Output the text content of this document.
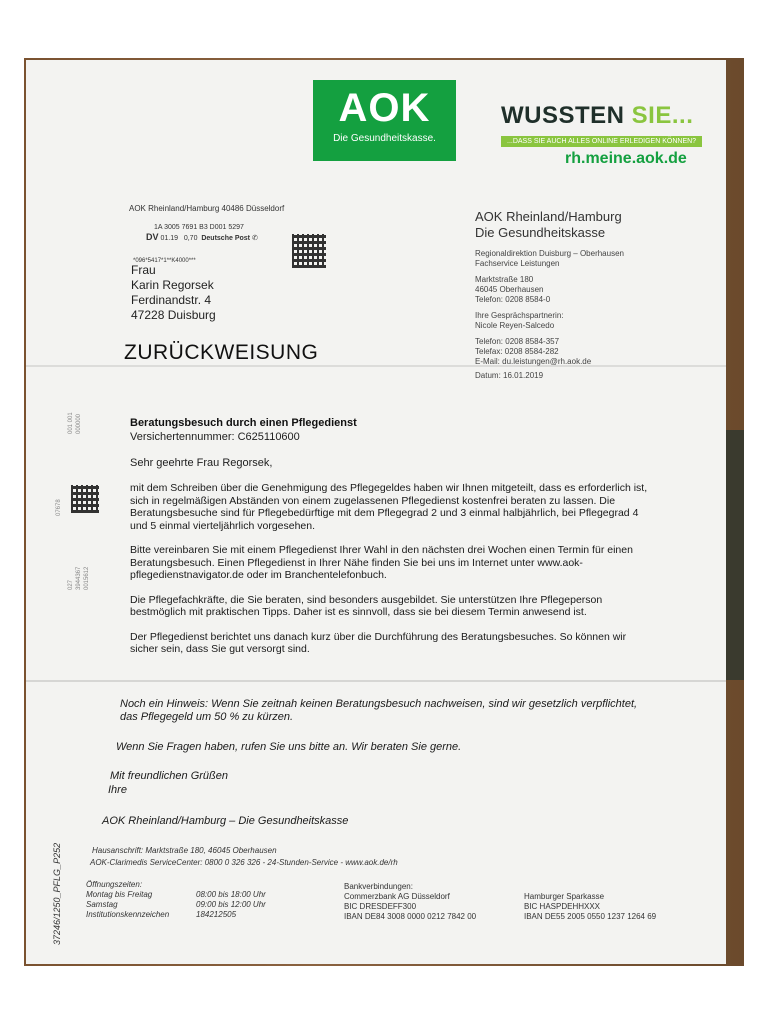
AOK
Die Gesundheitskasse.
WUSSTEN SIE...
...DASS SIE AUCH ALLES ONLINE ERLEDIGEN KÖNNEN?
rh.meine.aok.de
AOK Rheinland/Hamburg 40486 Düsseldorf
1A 3005 7691 B3 D001 5297
DV 01.19 0,70 Deutsche Post ✆
*096*5417*1**K4000***
Frau
Karin Regorsek
Ferdinandstr. 4
47228 Duisburg
ZURÜCKWEISUNG
AOK Rheinland/Hamburg
Die Gesundheitskasse
Regionaldirektion Duisburg – Oberhausen
Fachservice Leistungen
Marktstraße 180
46045 Oberhausen
Telefon: 0208 8584-0
Ihre Gesprächspartnerin:
Nicole Reyen-Salcedo
Telefon: 0208 8584-357
Telefax: 0208 8584-282
E-Mail: du.leistungen@rh.aok.de
Datum: 16.01.2019
001 001 000000
07678
027 3944367 0015612
Beratungsbesuch durch einen Pflegedienst
Versichertennummer: C625110600
Sehr geehrte Frau Regorsek,

mit dem Schreiben über die Genehmigung des Pflegegeldes haben wir Ihnen mitgeteilt, dass es erforderlich ist, sich in regelmäßigen Abständen von einem zugelassenen Pflegedienst kostenfrei beraten zu lassen. Die Beratungsbesuche sind für Pflegebedürftige mit dem Pflegegrad 2 und 3 einmal halbjährlich, bei Pflegegrad 4 und 5 einmal vierteljährlich vorgesehen.

Bitte vereinbaren Sie mit einem Pflegedienst Ihrer Wahl in den nächsten drei Wochen einen Termin für einen Beratungsbesuch. Einen Pflegedienst in Ihrer Nähe finden Sie bei uns im Internet unter www.aok-pflegedienstnavigator.de oder im Branchentelefonbuch.

Die Pflegefachkräfte, die Sie beraten, sind besonders ausgebildet. Sie unterstützen Ihre Pflegeperson bestmöglich mit praktischen Tipps. Daher ist es sinnvoll, dass sie bei diesem Termin anwesend ist.

Der Pflegedienst berichtet uns danach kurz über die Durchführung des Beratungsbesuches. So können wir sicher sein, dass Sie gut versorgt sind.

Noch ein Hinweis: Wenn Sie zeitnah keinen Beratungsbesuch nachweisen, sind wir gesetzlich verpflichtet, das Pflegegeld um 50 % zu kürzen.
Wenn Sie Fragen haben, rufen Sie uns bitte an. Wir beraten Sie gerne.
Mit freundlichen Grüßen
Ihre
AOK Rheinland/Hamburg – Die Gesundheitskasse
Hausanschrift: Marktstraße 180, 46045 Oberhausen
AOK-Clarimedis ServiceCenter: 0800 0 326 326 - 24-Stunden-Service - www.aok.de/rh
Öffnungszeiten:
Montag bis Freitag	08:00 bis 18:00 Uhr
Samstag	09:00 bis 12:00 Uhr
Institutionskennzeichen	184212505
Bankverbindungen:
Commerzbank AG Düsseldorf
BIC DRESDEFF300
IBAN DE84 3008 0000 0212 7842 00
Hamburger Sparkasse
BIC HASPDEHHXXX
IBAN DE55 2005 0550 1237 1264 69
37246/1250_PFLG_P252
